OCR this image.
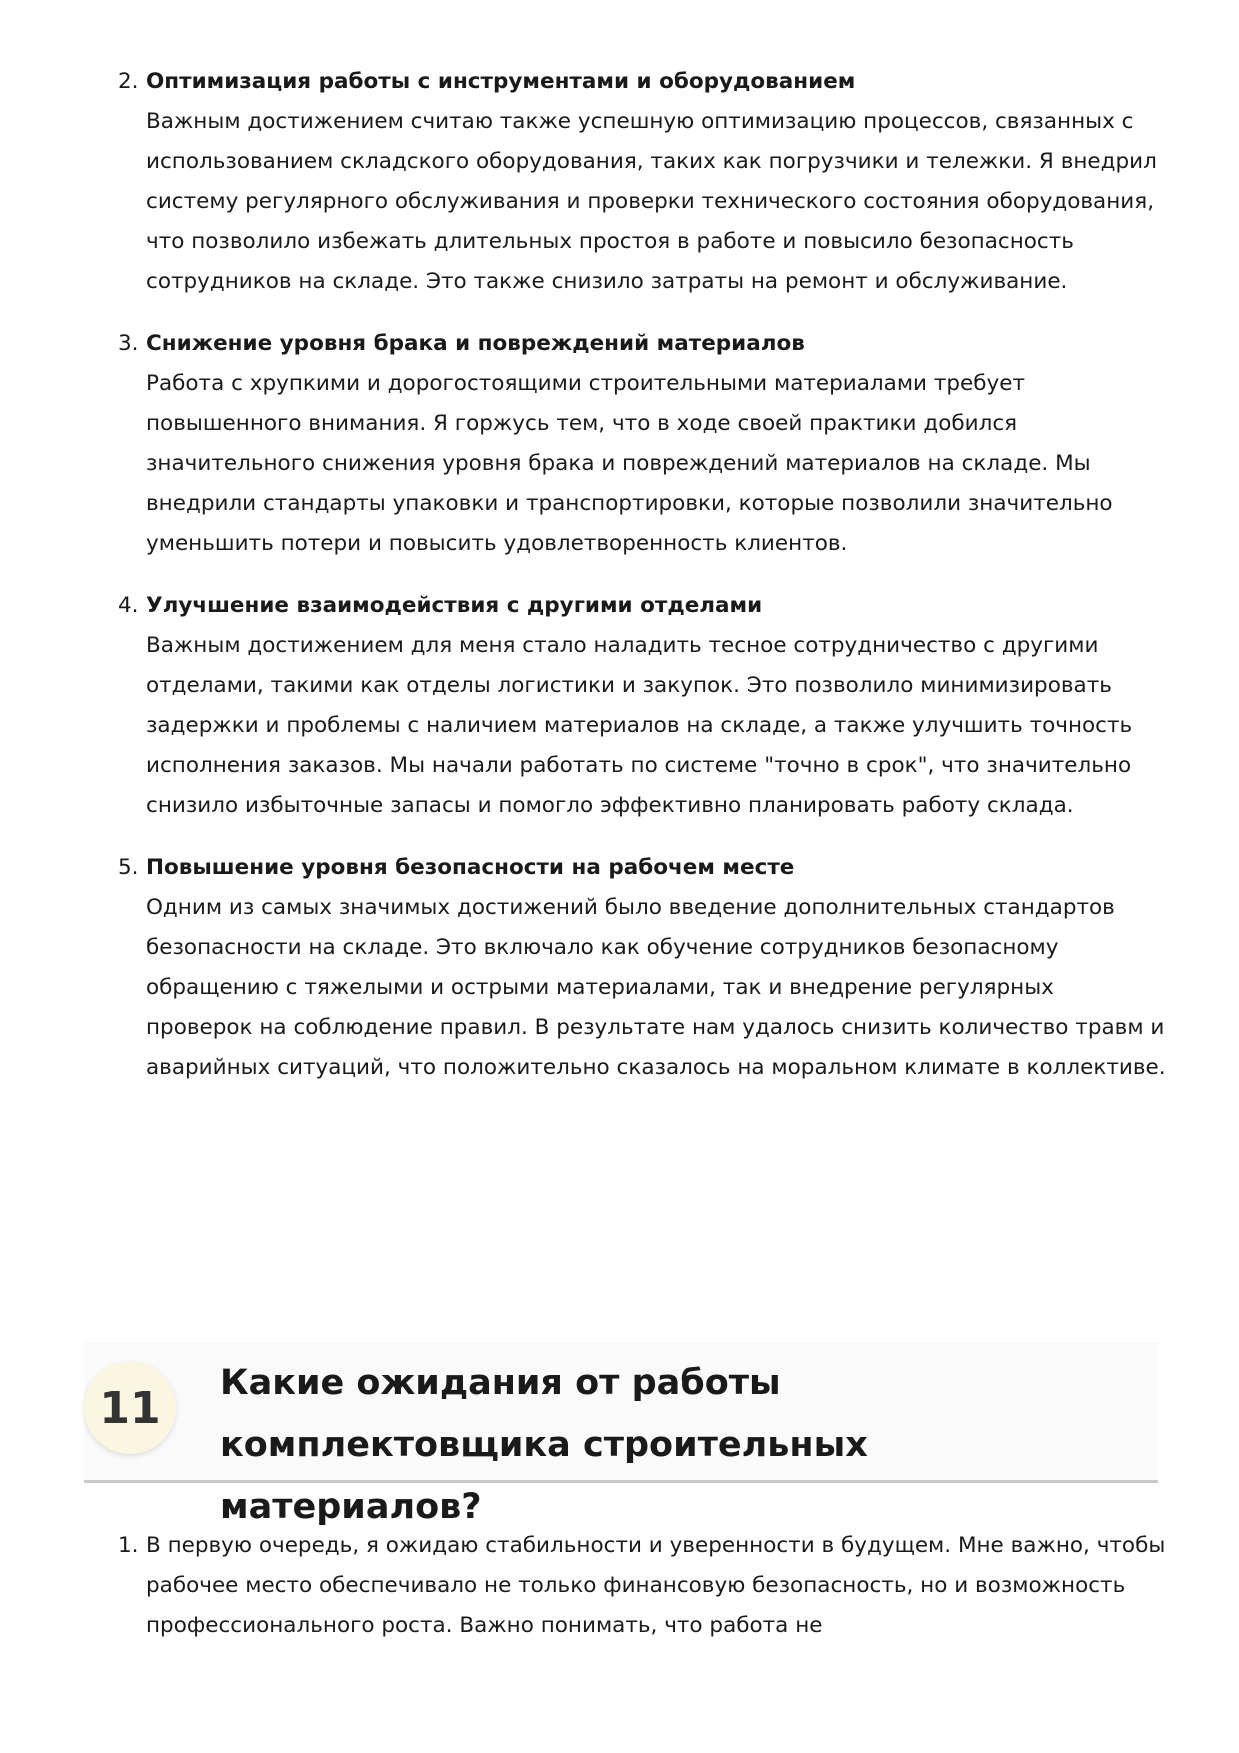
2. Оптимизация работы с инструментами и оборудованием
Важным достижением считаю также успешную оптимизацию процессов, связанных с использованием складского оборудования, таких как погрузчики и тележки. Я внедрил систему регулярного обслуживания и проверки технического состояния оборудования, что позволило избежать длительных простоя в работе и повысило безопасность сотрудников на складе. Это также снизило затраты на ремонт и обслуживание.
3. Снижение уровня брака и повреждений материалов
Работа с хрупкими и дорогостоящими строительными материалами требует повышенного внимания. Я горжусь тем, что в ходе своей практики добился значительного снижения уровня брака и повреждений материалов на складе. Мы внедрили стандарты упаковки и транспортировки, которые позволили значительно уменьшить потери и повысить удовлетворенность клиентов.
4. Улучшение взаимодействия с другими отделами
Важным достижением для меня стало наладить тесное сотрудничество с другими отделами, такими как отделы логистики и закупок. Это позволило минимизировать задержки и проблемы с наличием материалов на складе, а также улучшить точность исполнения заказов. Мы начали работать по системе "точно в срок", что значительно снизило избыточные запасы и помогло эффективно планировать работу склада.
5. Повышение уровня безопасности на рабочем месте
Одним из самых значимых достижений было введение дополнительных стандартов безопасности на складе. Это включало как обучение сотрудников безопасному обращению с тяжелыми и острыми материалами, так и внедрение регулярных проверок на соблюдение правил. В результате нам удалось снизить количество травм и аварийных ситуаций, что положительно сказалось на моральном климате в коллективе.
11	Какие ожидания от работы комплектовщика строительных материалов?
1. В первую очередь, я ожидаю стабильности и уверенности в будущем. Мне важно, чтобы рабочее место обеспечивало не только финансовую безопасность, но и возможность профессионального роста. Важно понимать, что работа не
